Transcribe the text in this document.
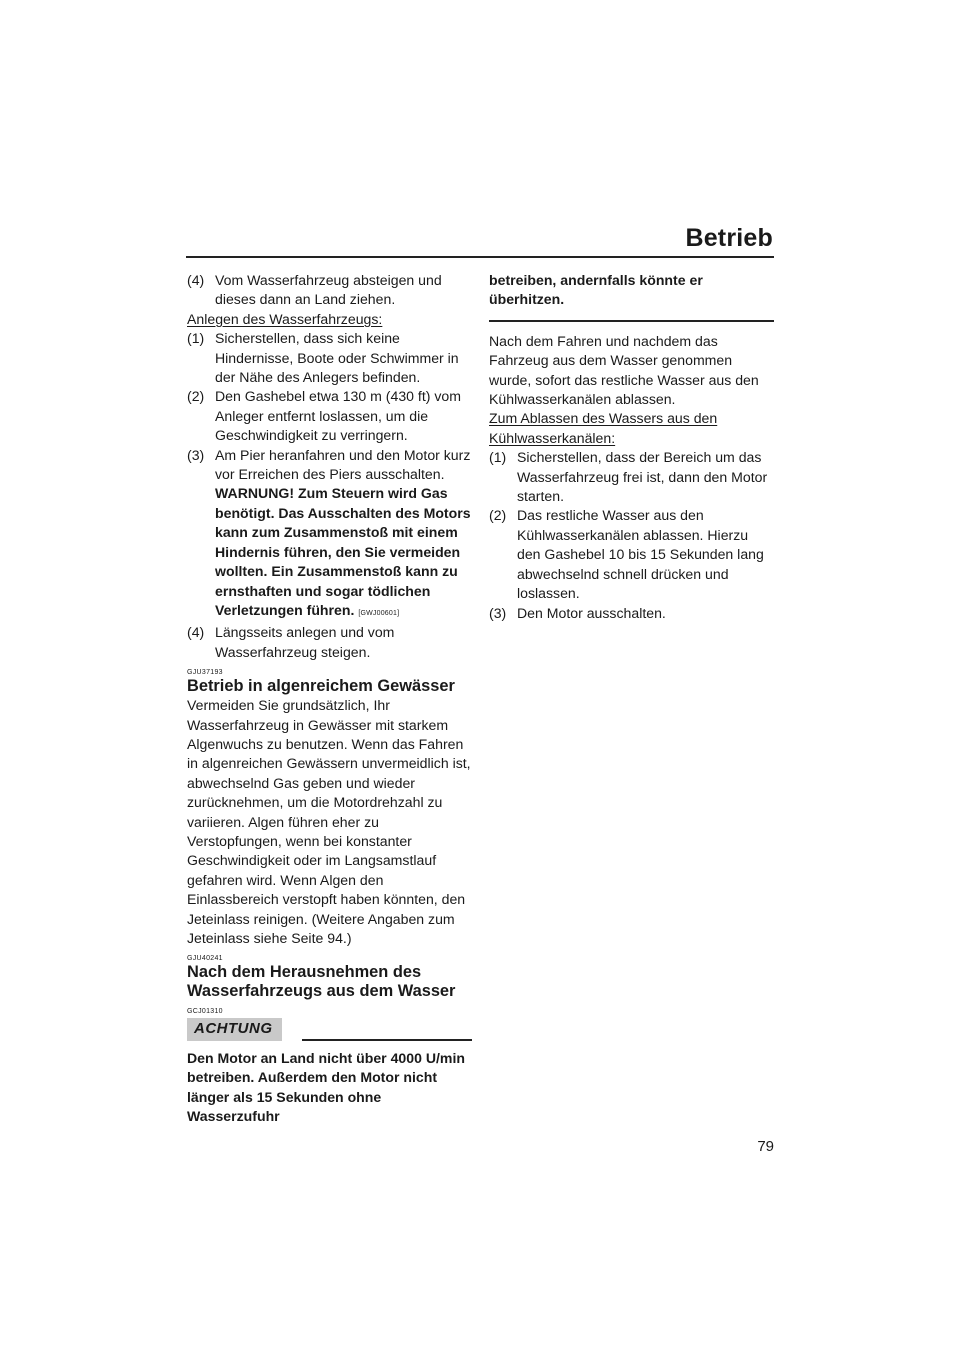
Betrieb
(4) Vom Wasserfahrzeug absteigen und dieses dann an Land ziehen.

Anlegen des Wasserfahrzeugs:

(1) Sicherstellen, dass sich keine Hindernisse, Boote oder Schwimmer in der Nähe des Anlegers befinden.
(2) Den Gashebel etwa 130 m (430 ft) vom Anleger entfernt loslassen, um die Geschwindigkeit zu verringern.
(3) Am Pier heranfahren und den Motor kurz vor Erreichen des Piers ausschalten.
WARNUNG! Zum Steuern wird Gas benötigt. Das Ausschalten des Motors kann zum Zusammenstoß mit einem Hindernis führen, den Sie vermeiden wollten. Ein Zusammenstoß kann zu ernsthaften und sogar tödlichen Verletzungen führen. [GWJ00601]
(4) Längsseits anlegen und vom Wasserfahrzeug steigen.
GJU37193
Betrieb in algenreichem Gewässer

Vermeiden Sie grundsätzlich, Ihr Wasserfahrzeug in Gewässer mit starkem Algenwuchs zu benutzen. Wenn das Fahren in algenreichen Gewässern unvermeidlich ist, abwechselnd Gas geben und wieder zurücknehmen, um die Motordrehzahl zu variieren. Algen führen eher zu Verstopfungen, wenn bei konstanter Geschwindigkeit oder im Langsamstlauf gefahren wird. Wenn Algen den Einlassbereich verstopft haben könnten, den Jeteinlass reinigen. (Weitere Angaben zum Jeteinlass siehe Seite 94.)

GJU40241
Nach dem Herausnehmen des Wasserfahrzeugs aus dem Wasser
GCJ01310
ACHTUNG

Den Motor an Land nicht über 4000 U/min betreiben. Außerdem den Motor nicht länger als 15 Sekunden ohne Wasserzufuhr

betreiben, andernfalls könnte er überhitzen.

Nach dem Fahren und nachdem das Fahrzeug aus dem Wasser genommen wurde, sofort das restliche Wasser aus den Kühlwasserkanälen ablassen.

Zum Ablassen des Wassers aus den Kühlwasserkanälen:

(1) Sicherstellen, dass der Bereich um das Wasserfahrzeug frei ist, dann den Motor starten.
(2) Das restliche Wasser aus den Kühlwasserkanälen ablassen. Hierzu den Gashebel 10 bis 15 Sekunden lang abwechselnd schnell drücken und loslassen.
(3) Den Motor ausschalten.
79
